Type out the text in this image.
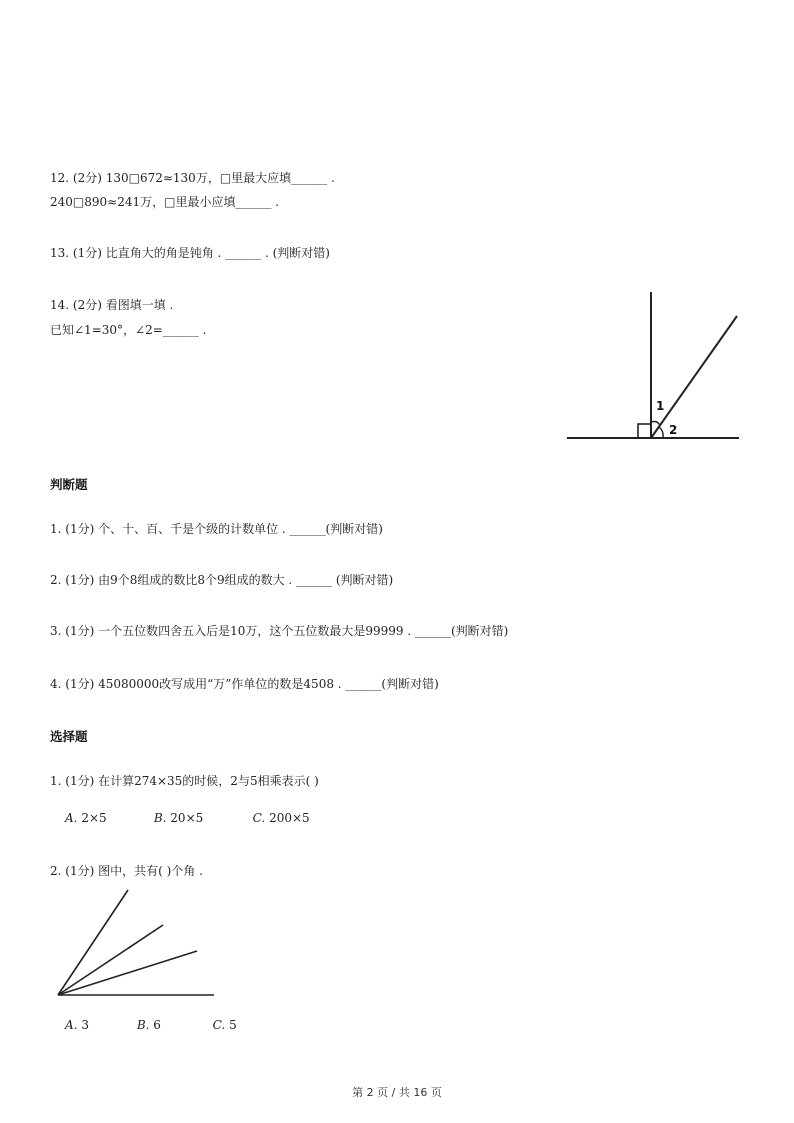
12. (2分) 130□672≈130万，□里最大应填______ .
240□890≈241万，□里最小应填______ .
13. (1分) 比直角大的角是钝角 . ______ . (判断对错)
14. (2分) 看图填一填 .
已知∠1=30°，∠2=______ .
1
2
判断题
1. (1分) 个、十、百、千是个级的计数单位 . ______(判断对错)
2. (1分) 由9个8组成的数比8个9组成的数大 . ______ (判断对错)
3. (1分) 一个五位数四舍五入后是10万，这个五位数最大是99999 . ______(判断对错)
4. (1分) 45080000改写成用“万”作单位的数是4508 . ______(判断对错)
选择题
1. (1分) 在计算274×35的时候，2与5相乘表示( )
A. 2×5	B. 20×5	C. 200×5
2. (1分) 图中，共有( )个角 .
A. 3	B. 6	C. 5
第 2 页 / 共 16 页
